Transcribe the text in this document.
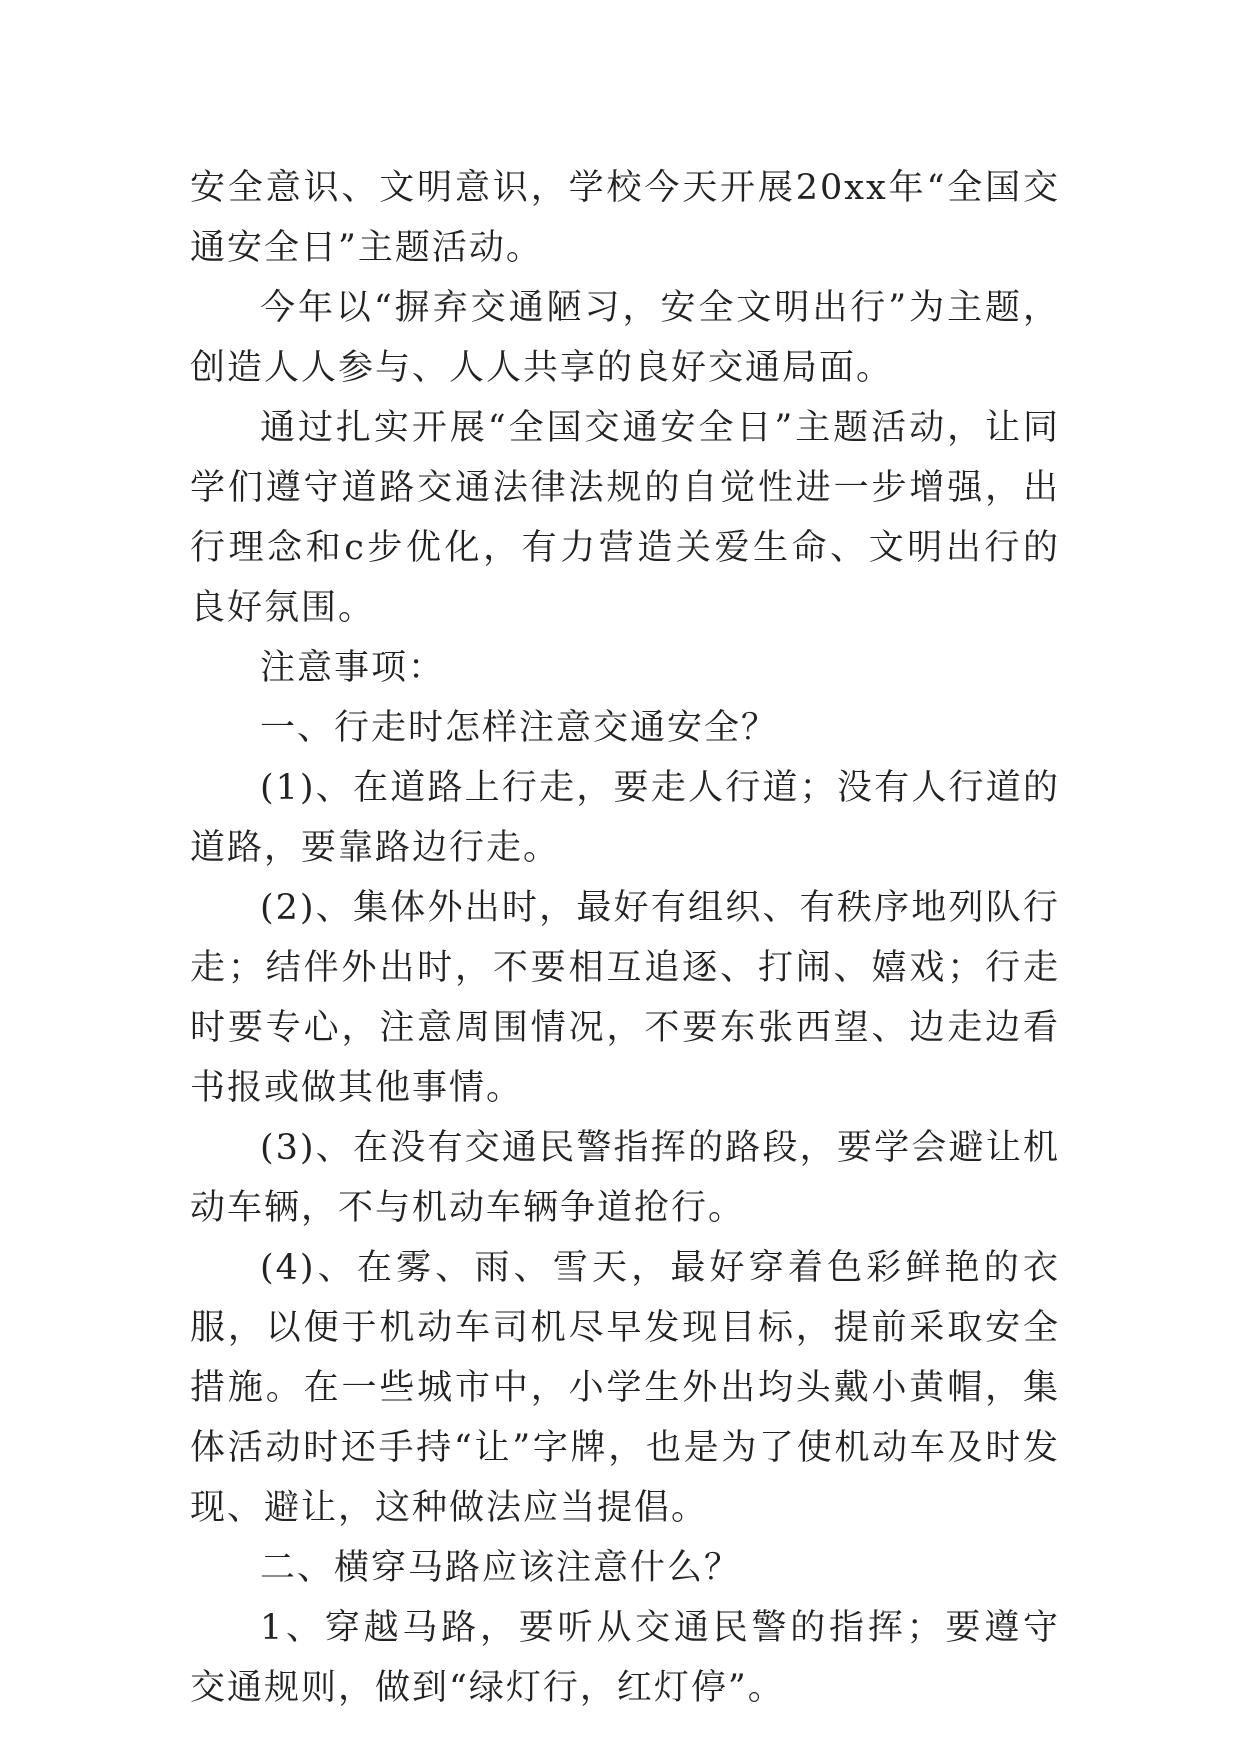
安全意识、文明意识，学校今天开展20xx年“全国交通安全日”主题活动。

今年以“摒弃交通陋习，安全文明出行”为主题，创造人人参与、人人共享的良好交通局面。

通过扎实开展“全国交通安全日”主题活动，让同学们遵守道路交通法律法规的自觉性进一步增强，出行理念和c步优化，有力营造关爱生命、文明出行的良好氛围。

注意事项：

一、行走时怎样注意交通安全？

(1)、在道路上行走，要走人行道；没有人行道的道路，要靠路边行走。

(2)、集体外出时，最好有组织、有秩序地列队行走；结伴外出时，不要相互追逐、打闹、嬉戏；行走时要专心，注意周围情况，不要东张西望、边走边看书报或做其他事情。

(3)、在没有交通民警指挥的路段，要学会避让机动车辆，不与机动车辆争道抢行。

(4)、在雾、雨、雪天，最好穿着色彩鲜艳的衣服，以便于机动车司机尽早发现目标，提前采取安全措施。在一些城市中，小学生外出均头戴小黄帽，集体活动时还手持“让”字牌，也是为了使机动车及时发现、避让，这种做法应当提倡。

二、横穿马路应该注意什么？

1、穿越马路，要听从交通民警的指挥；要遵守交通规则，做到“绿灯行，红灯停”。
